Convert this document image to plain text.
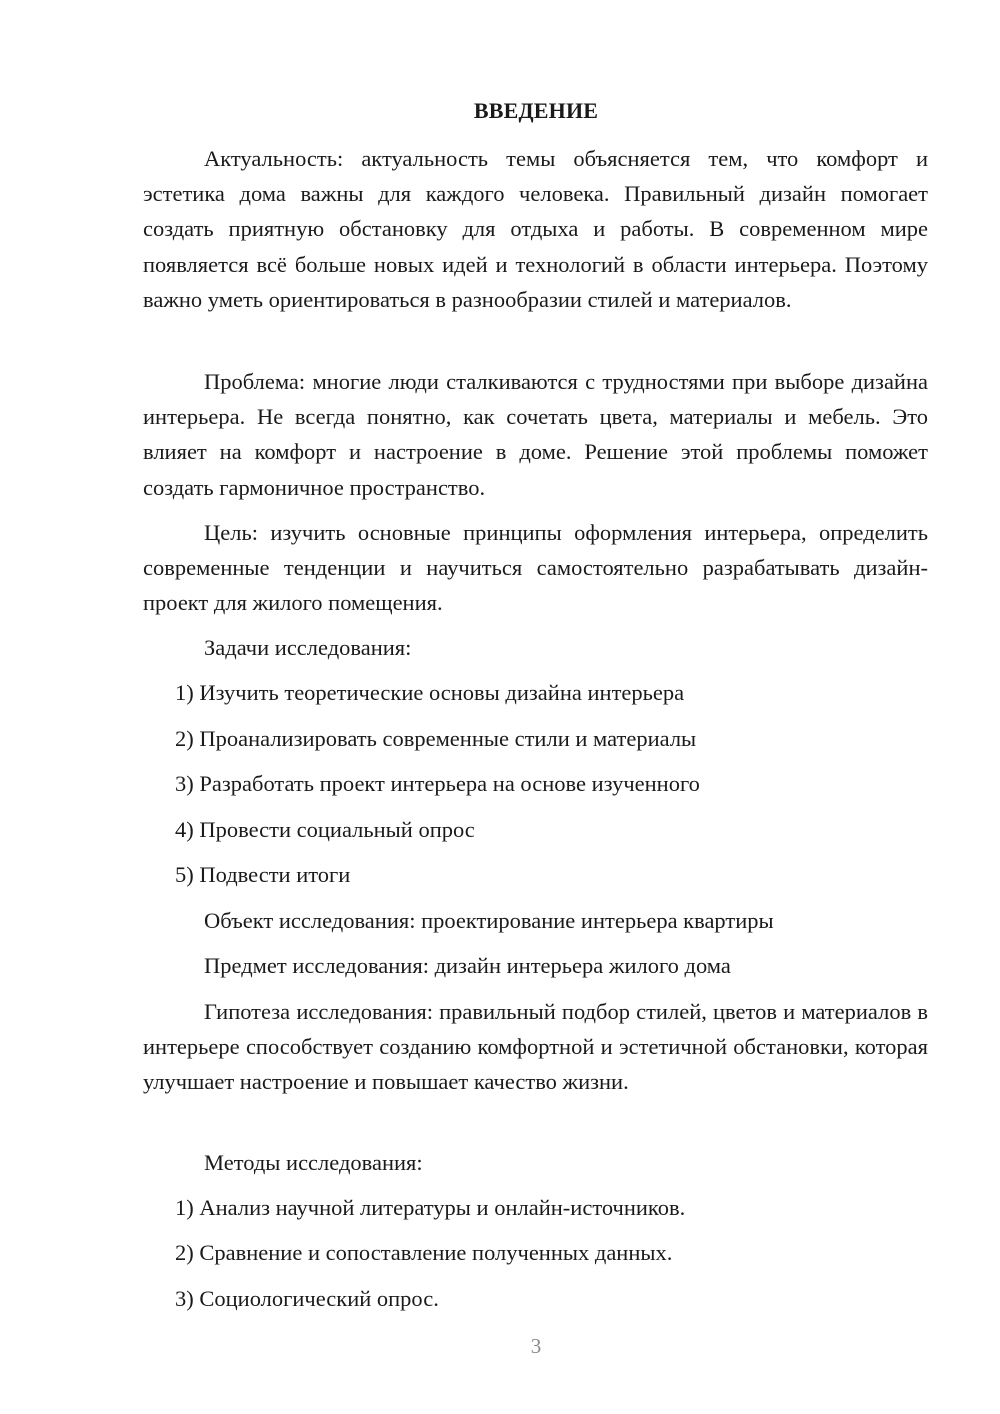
ВВЕДЕНИЕ

Актуальность: актуальность темы объясняется тем, что комфорт и эстетика дома важны для каждого человека. Правильный дизайн помогает создать приятную обстановку для отдыха и работы. В современном мире появляется всё больше новых идей и технологий в области интерьера. Поэтому важно уметь ориентироваться в разнообразии стилей и материалов.

Проблема: многие люди сталкиваются с трудностями при выборе дизайна интерьера. Не всегда понятно, как сочетать цвета, материалы и мебель. Это влияет на комфорт и настроение в доме. Решение этой проблемы поможет создать гармоничное пространство.

Цель: изучить основные принципы оформления интерьера, определить современные тенденции и научиться самостоятельно разрабатывать дизайн-проект для жилого помещения.

Задачи исследования:
1) Изучить теоретические основы дизайна интерьера
2) Проанализировать современные стили и материалы
3) Разработать проект интерьера на основе изученного
4) Провести социальный опрос
5) Подвести итоги
Объект исследования: проектирование интерьера квартиры
Предмет исследования: дизайн интерьера жилого дома

Гипотеза исследования: правильный подбор стилей, цветов и материалов в интерьере способствует созданию комфортной и эстетичной обстановки, которая улучшает настроение и повышает качество жизни.

Методы исследования:
1) Анализ научной литературы и онлайн-источников.
2) Сравнение и сопоставление полученных данных.
3) Социологический опрос.
3
